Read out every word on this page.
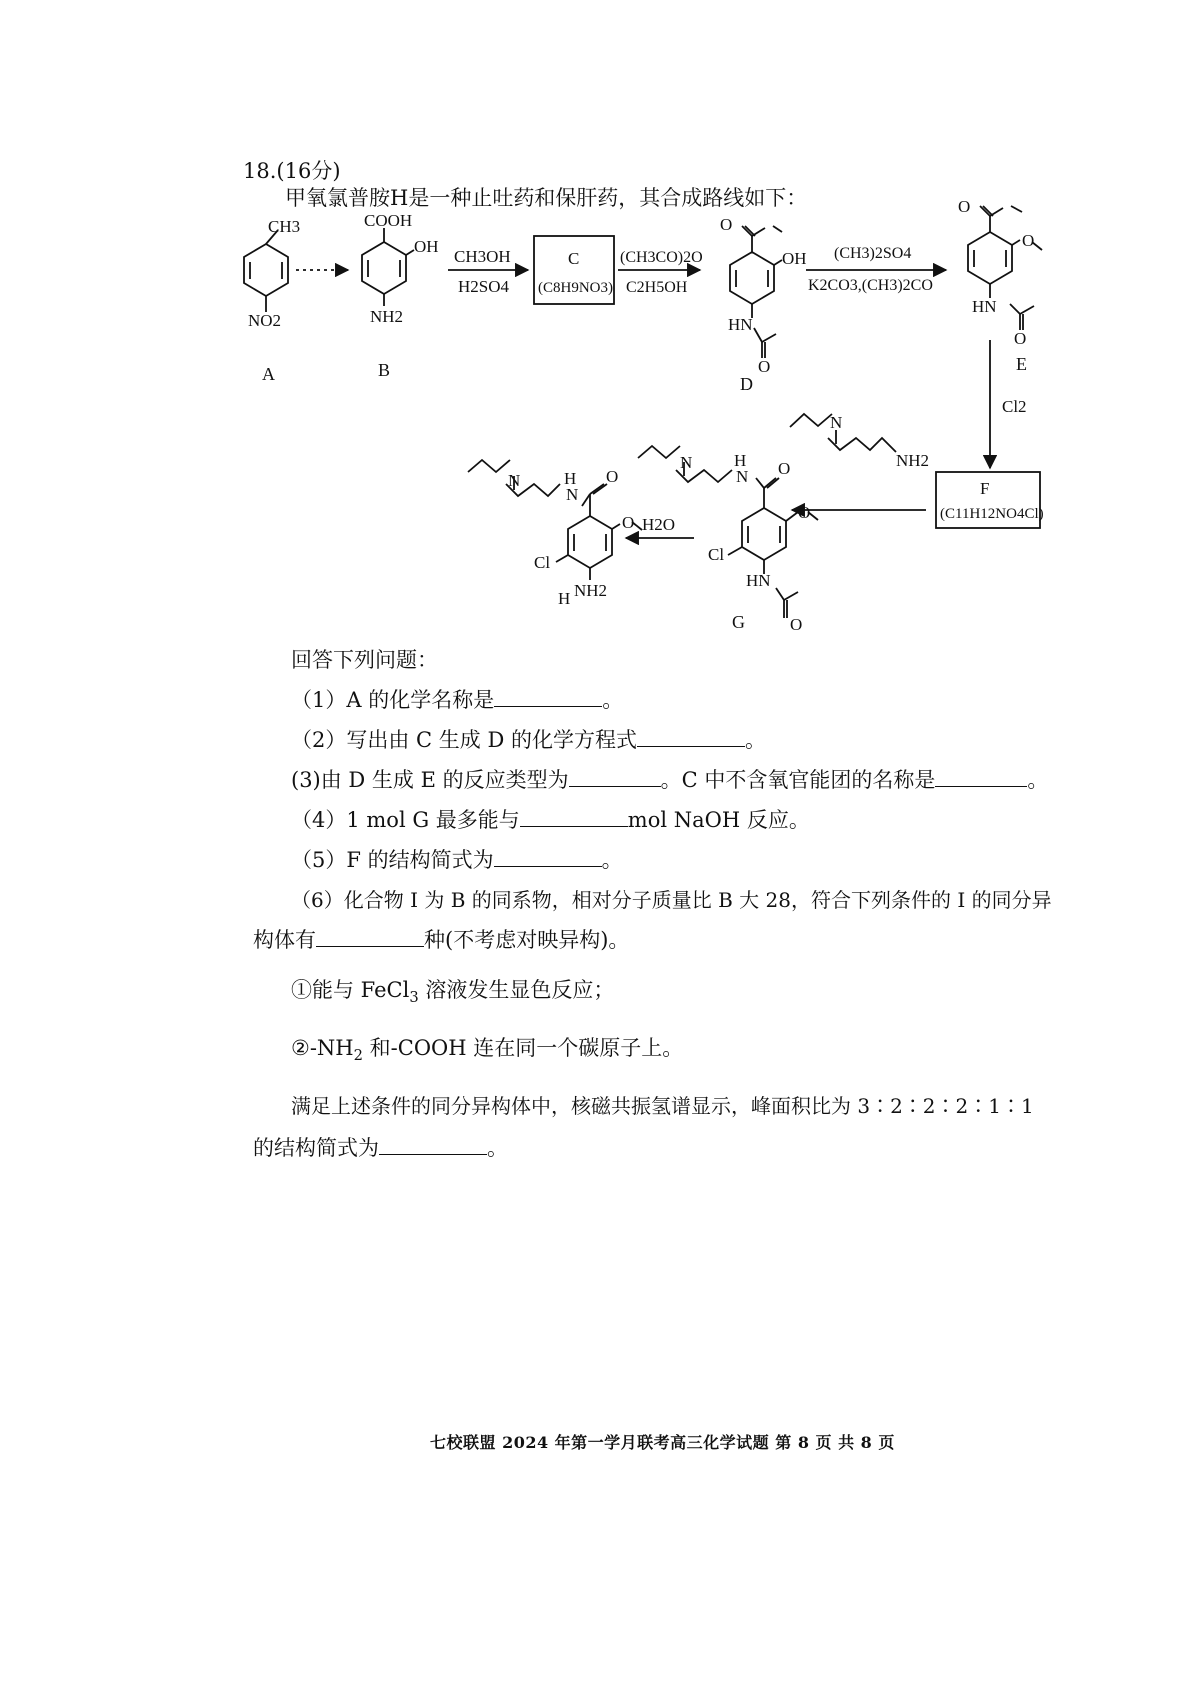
18.(16分)
甲氧氯普胺H是一种止吐药和保肝药，其合成路线如下：
CH3
NO2
A
COOH
OH
NH2
B
CH3OH
H2SO4
C
(C8H9NO3)
(CH3CO)2O
C2H5OH
O
OH
HN
O
D
(CH3)2SO4
K2CO3,(CH3)2CO
O
O
HN
O
E
Cl2
F
(C11H12NO4Cl)
N
NH2
N H
N O
O
Cl
HN
O
G
H2O
N	H
N
O
O
Cl
NH2
H
回答下列问题：
（1）A 的化学名称是	。
（2）写出由 C 生成 D 的化学方程式	。
(3)由 D 生成 E 的反应类型为	。C 中不含氧官能团的名称是	。
（4）1 mol G 最多能与	mol NaOH 反应。
（5）F 的结构简式为	。
（6）化合物 I 为 B 的同系物，相对分子质量比 B 大 28，符合下列条件的 I 的同分异
构体有	种(不考虑对映异构)。
①能与 FeCl$_3$ 溶液发生显色反应；
$②-NH_2$ 和-COOH 连在同一个碳原子上。
满足上述条件的同分异构体中，核磁共振氢谱显示，峰面积比为 3∶2∶2∶2∶1∶1
的结构简式为	。
七校联盟 2024 年第一学月联考高三化学试题 第 8 页 共 8 页
